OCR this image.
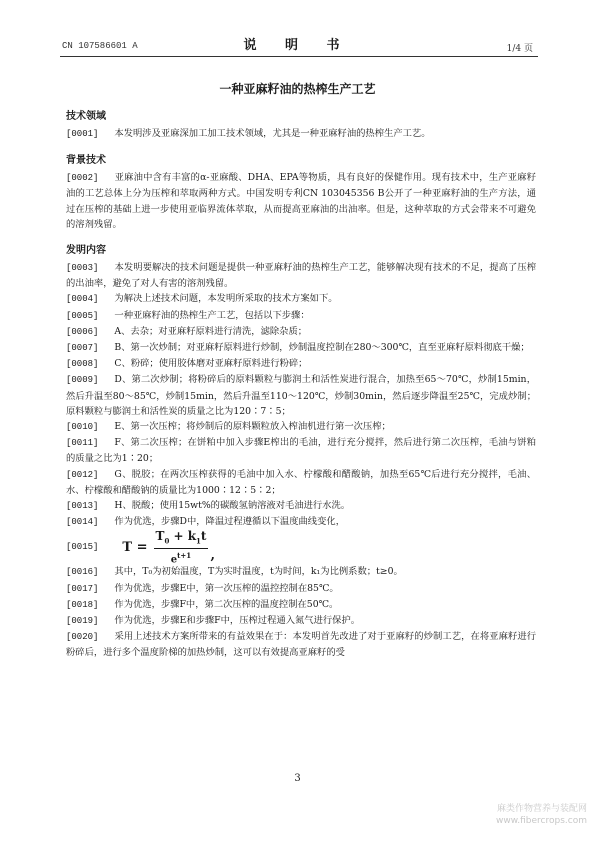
CN 107586601 A	说 明 书	1/4 页
一种亚麻籽油的热榨生产工艺
技术领域

[0001] 本发明涉及亚麻深加工加工技术领域，尤其是一种亚麻籽油的热榨生产工艺。

背景技术

[0002] 亚麻油中含有丰富的α-亚麻酸、DHA、EPA等物质，具有良好的保健作用。现有技术中，生产亚麻籽油的工艺总体上分为压榨和萃取两种方式。中国发明专利CN 103045356 B公开了一种亚麻籽油的生产方法，通过在压榨的基础上进一步使用亚临界流体萃取，从而提高亚麻油的出油率。但是，这种萃取的方式会带来不可避免的溶剂残留。

发明内容

[0003] 本发明要解决的技术问题是提供一种亚麻籽油的热榨生产工艺，能够解决现有技术的不足，提高了压榨的出油率，避免了对人有害的溶剂残留。

[0004] 为解决上述技术问题，本发明所采取的技术方案如下。

[0005] 一种亚麻籽油的热榨生产工艺，包括以下步骤：

[0006] A、去杂；对亚麻籽原料进行清洗，滤除杂质；

[0007] B、第一次炒制；对亚麻籽原料进行炒制，炒制温度控制在280～300℃，直至亚麻籽原料彻底干燥；

[0008] C、粉碎；使用胶体磨对亚麻籽原料进行粉碎；

[0009] D、第二次炒制；将粉碎后的原料颗粒与膨润土和活性炭进行混合，加热至65～70℃，炒制15min，然后升温至80～85℃，炒制15min，然后升温至110～120℃，炒制30min，然后逐步降温至25℃，完成炒制；原料颗粒与膨润土和活性炭的质量之比为120∶7∶5；

[0010] E、第一次压榨；将炒制后的原料颗粒放入榨油机进行第一次压榨；

[0011] F、第二次压榨；在饼粕中加入步骤E榨出的毛油，进行充分搅拌，然后进行第二次压榨，毛油与饼粕的质量之比为1∶20；

[0012] G、脱胶；在两次压榨获得的毛油中加入水、柠檬酸和醋酸钠，加热至65℃后进行充分搅拌，毛油、水、柠檬酸和醋酸钠的质量比为1000∶12∶5∶2；

[0013] H、脱酸；使用15wt%的碳酸氢钠溶液对毛油进行水洗。

[0014] 作为优选，步骤D中，降温过程遵循以下温度曲线变化，

[0015] $T = \frac{T_0 + k_1t}{e^{t+1}}$ ,

[0016] 其中，T₀为初始温度，T为实时温度，t为时间，k₁为比例系数；t≥0。

[0017] 作为优选，步骤E中，第一次压榨的温控控制在85℃。

[0018] 作为优选，步骤F中，第二次压榨的温度控制在50℃。

[0019] 作为优选，步骤E和步骤F中，压榨过程通入氮气进行保护。

[0020] 采用上述技术方案所带来的有益效果在于：本发明首先改进了对于亚麻籽的炒制工艺，在将亚麻籽进行粉碎后，进行多个温度阶梯的加热炒制，这可以有效提高亚麻籽的受

3
麻类作物营养与装配网
www.fibercrops.com
